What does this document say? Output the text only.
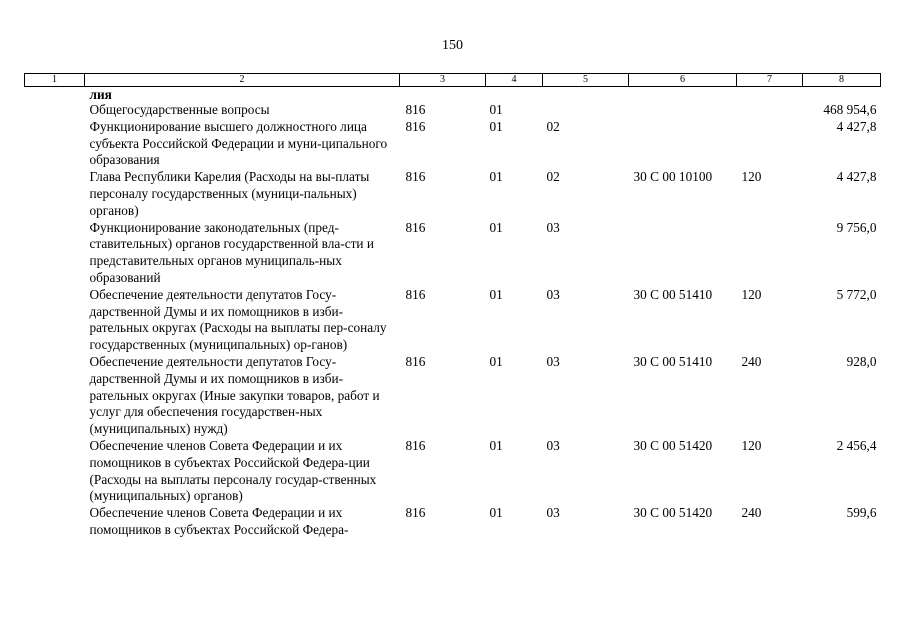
150
1	2	3	4	5	6	7	8
	лия						
	Общегосударственные вопросы	816	01				468 954,6
	Функционирование высшего должностного лица субъекта Российской Федерации и муни-ципального образования	816	01	02			4 427,8
	Глава Республики Карелия (Расходы на вы-платы персоналу государственных (муници-пальных) органов)	816	01	02	30 С 00 10100	120	4 427,8
	Функционирование законодательных (пред-ставительных) органов государственной вла-сти и представительных органов муниципаль-ных образований	816	01	03			9 756,0
	Обеспечение деятельности депутатов Госу-дарственной Думы и их помощников в изби-рательных округах (Расходы на выплаты пер-соналу государственных (муниципальных) ор-ганов)	816	01	03	30 С 00 51410	120	5 772,0
	Обеспечение деятельности депутатов Госу-дарственной Думы и их помощников в изби-рательных округах (Иные закупки товаров, работ и услуг для обеспечения государствен-ных (муниципальных) нужд)	816	01	03	30 С 00 51410	240	928,0
	Обеспечение членов Совета Федерации и их помощников в субъектах Российской Федера-ции (Расходы на выплаты персоналу государ-ственных (муниципальных) органов)	816	01	03	30 С 00 51420	120	2 456,4
	Обеспечение членов Совета Федерации и их помощников в субъектах Российской Федера-	816	01	03	30 С 00 51420	240	599,6
